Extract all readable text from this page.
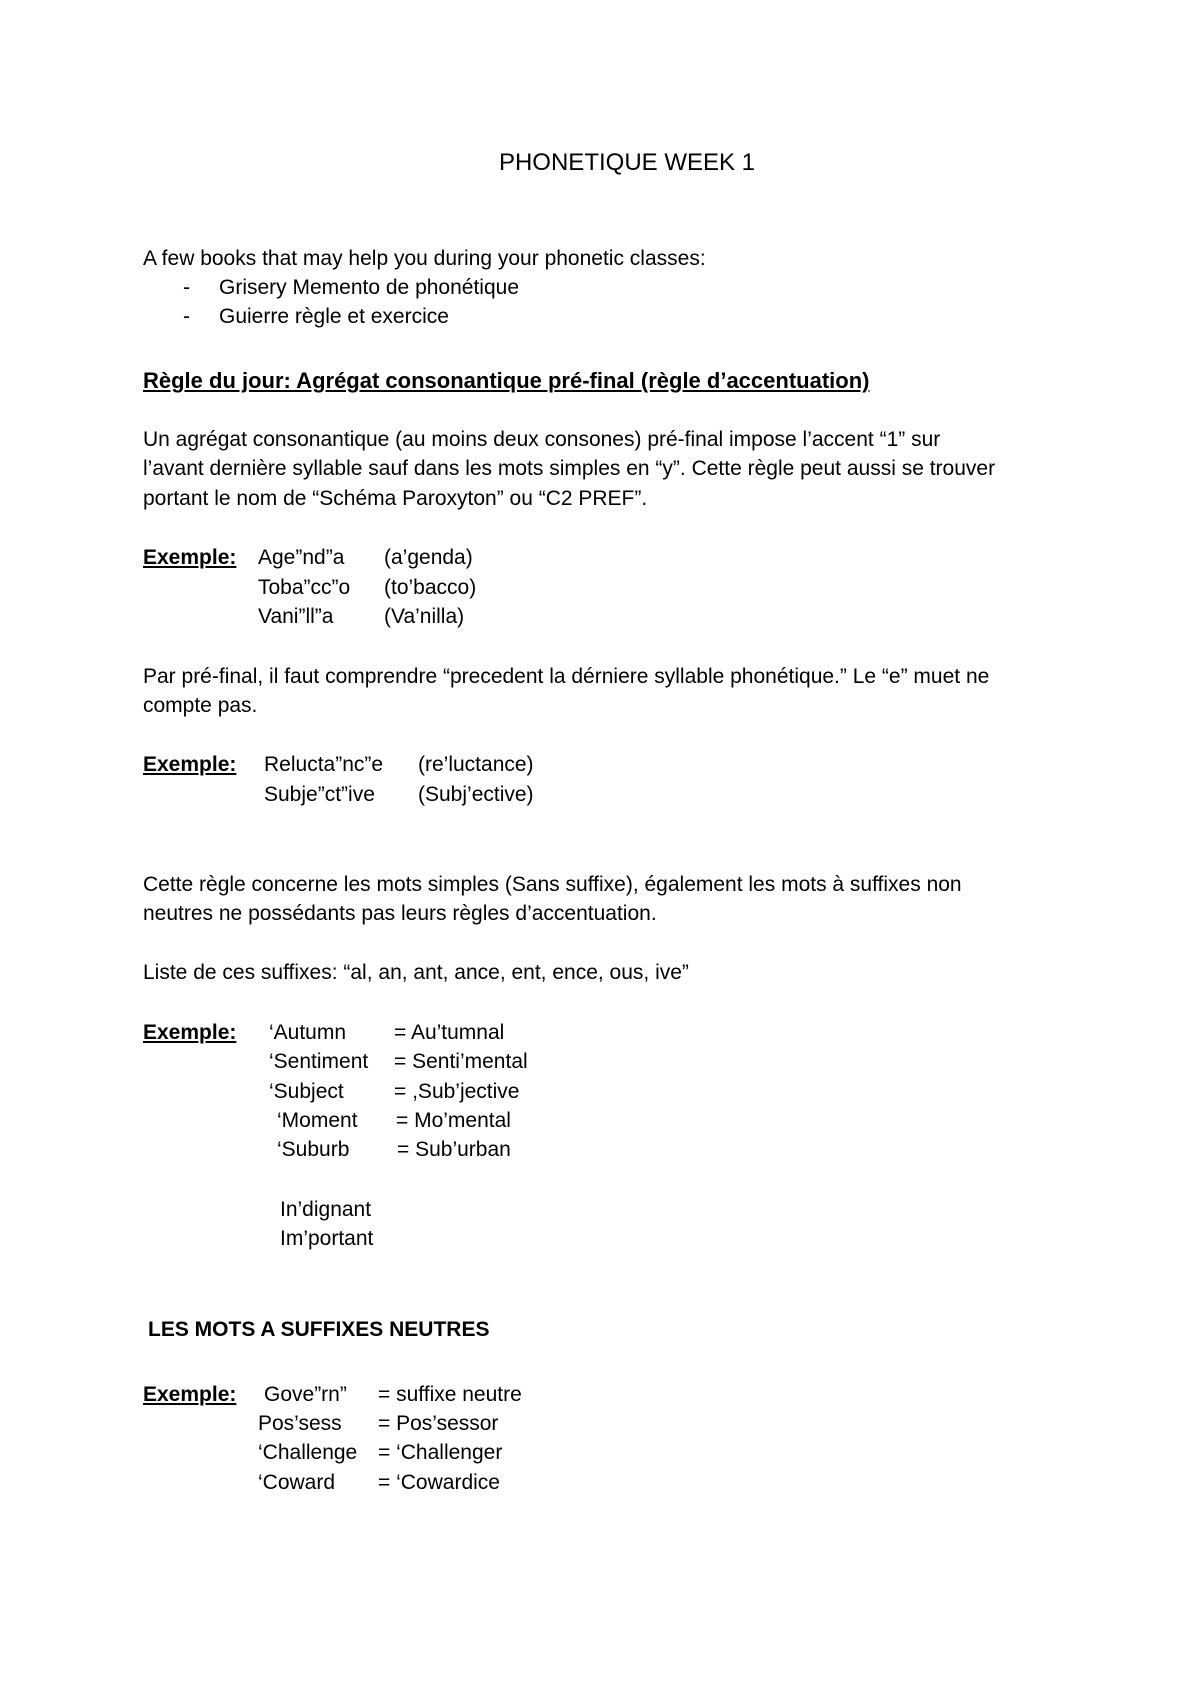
PHONETIQUE WEEK 1
A few books that may help you during your phonetic classes:
- Grisery Memento de phonétique
- Guierre règle et exercice
Règle du jour: Agrégat consonantique pré-final (règle d’accentuation)
Un agrégat consonantique (au moins deux consones) pré-final impose l’accent “1” sur
l’avant dernière syllable sauf dans les mots simples en “y”. Cette règle peut aussi se trouver
portant le nom de “Schéma Paroxyton” ou “C2 PREF”.
Exemple: Age”nd”a (a’genda)
Toba”cc”o (to’bacco)
Vani”ll”a (Va’nilla)
Par pré-final, il faut comprendre “precedent la dérniere syllable phonétique.” Le “e” muet ne
compte pas.
Exemple: Relucta”nc”e (re’luctance)
Subje”ct”ive (Subj’ective)
Cette règle concerne les mots simples (Sans suffixe), également les mots à suffixes non
neutres ne possédants pas leurs règles d’accentuation.
Liste de ces suffixes: “al, an, ant, ance, ent, ence, ous, ive”
Exemple: ‘Autumn = Au’tumnal
‘Sentiment = Senti’mental
‘Subject = ,Sub’jective
‘Moment = Mo’mental
‘Suburb = Sub’urban
In’dignant
Im’portant
LES MOTS A SUFFIXES NEUTRES
Exemple: Gove”rn” = suffixe neutre
Pos’sess = Pos’sessor
‘Challenge = ‘Challenger
‘Coward = ‘Cowardice
